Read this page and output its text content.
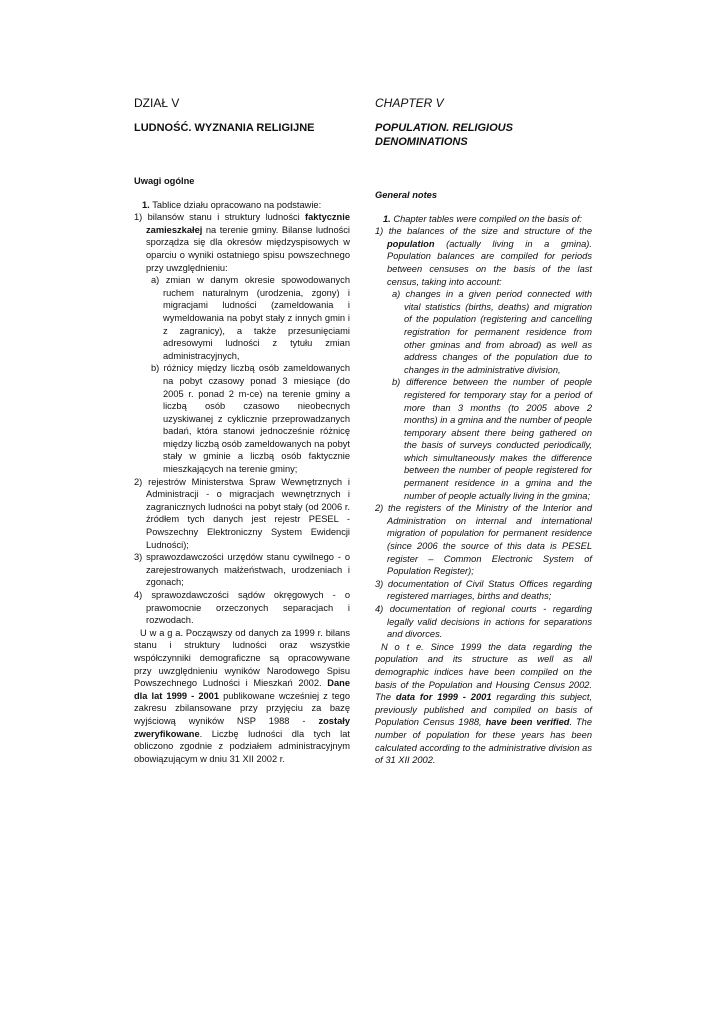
DZIAŁ V

LUDNOŚĆ. WYZNANIA RELIGIJNE

Uwagi ogólne

1. Tablice działu opracowano na podstawie:

1) bilansów stanu i struktury ludności faktycznie zamieszkałej na terenie gminy. Bilanse ludności sporządza się dla okresów międzyspisowych w oparciu o wyniki ostatniego spisu powszechnego przy uwzględnieniu:

a) zmian w danym okresie spowodowanych ruchem naturalnym (urodzenia, zgony) i migracjami ludności (zameldowania i wymeldowania na pobyt stały z innych gmin i z zagranicy), a także przesunięciami adresowymi ludności z tytułu zmian administracyjnych,

b) różnicy między liczbą osób zameldowanych na pobyt czasowy ponad 3 miesiące (do 2005 r. ponad 2 m-ce) na terenie gminy a liczbą osób czasowo nieobecnych uzyskiwanej z cyklicznie przeprowadzanych badań, która stanowi jednocześnie różnicę między liczbą osób zameldowanych na pobyt stały w gminie a liczbą osób faktycznie mieszkających na terenie gminy;

2) rejestrów Ministerstwa Spraw Wewnętrznych i Administracji - o migracjach wewnętrznych i zagranicznych ludności na pobyt stały (od 2006 r. źródłem tych danych jest rejestr PESEL - Powszechny Elektroniczny System Ewidencji Ludności);

3) sprawozdawczości urzędów stanu cywilnego - o zarejestrowanych małżeństwach, urodzeniach i zgonach;

4) sprawozdawczości sądów okręgowych - o prawomocnie orzeczonych separacjach i rozwodach.

U w a g a. Począwszy od danych za 1999 r. bilans stanu i struktury ludności oraz wszystkie współczynniki demograficzne są opracowywane przy uwzględnieniu wyników Narodowego Spisu Powszechnego Ludności i Mieszkań 2002. Dane dla lat 1999 - 2001 publikowane wcześniej z tego zakresu zbilansowane przy przyjęciu za bazę wyjściową wyników NSP 1988 - zostały zweryfikowane. Liczbę ludności dla tych lat obliczono zgodnie z podziałem administracyjnym obowiązującym w dniu 31 XII 2002 r.

CHAPTER V

POPULATION. RELIGIOUS DENOMINATIONS

General notes

1. Chapter tables were compiled on the basis of:

1) the balances of the size and structure of the population (actually living in a gmina). Population balances are compiled for periods between censuses on the basis of the last census, taking into account:

a) changes in a given period connected with vital statistics (births, deaths) and migration of the population (registering and cancelling registration for permanent residence from other gminas and from abroad) as well as address changes of the population due to changes in the administrative division,

b) difference between the number of people registered for temporary stay for a period of more than 3 months (to 2005 above 2 months) in a gmina and the number of people temporary absent there being gathered on the basis of surveys conducted periodically, which simultaneously makes the difference between the number of people registered for permanent residence in a gmina and the number of people actually living in the gmina;

2) the registers of the Ministry of the Interior and Administration on internal and international migration of population for permanent residence (since 2006 the source of this data is PESEL register – Common Electronic System of Population Register);

3) documentation of Civil Status Offices regarding registered marriages, births and deaths;

4) documentation of regional courts - regarding legally valid decisions in actions for separations and divorces.

N o t e. Since 1999 the data regarding the population and its structure as well as all demographic indices have been compiled on the basis of the Population and Housing Census 2002. The data for 1999 - 2001 regarding this subject, previously published and compiled on basis of Population Census 1988, have been verified. The number of population for these years has been calculated according to the administrative division as of 31 XII 2002.
